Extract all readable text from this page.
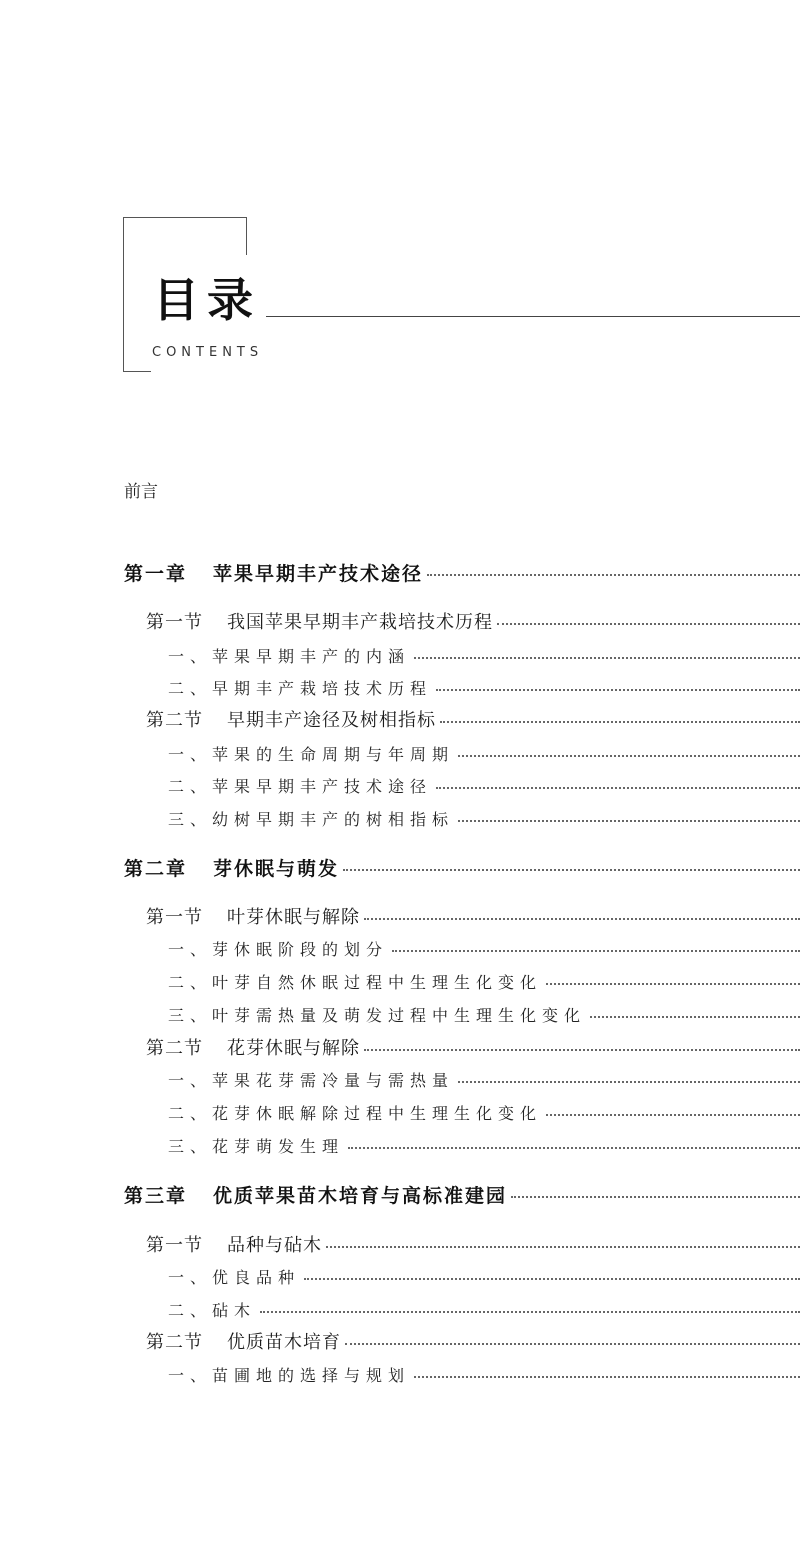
目录
CONTENTS
前言
第一章 苹果早期丰产技术途径
第一节 我国苹果早期丰产栽培技术历程
一、苹果早期丰产的内涵
二、早期丰产栽培技术历程
第二节 早期丰产途径及树相指标
一、苹果的生命周期与年周期
二、苹果早期丰产技术途径
三、幼树早期丰产的树相指标
第二章 芽休眠与萌发
第一节 叶芽休眠与解除
一、芽休眠阶段的划分
二、叶芽自然休眠过程中生理生化变化
三、叶芽需热量及萌发过程中生理生化变化
第二节 花芽休眠与解除
一、苹果花芽需冷量与需热量
二、花芽休眠解除过程中生理生化变化
三、花芽萌发生理
第三章 优质苹果苗木培育与高标准建园
第一节 品种与砧木
一、优良品种
二、砧木
第二节 优质苗木培育
一、苗圃地的选择与规划
